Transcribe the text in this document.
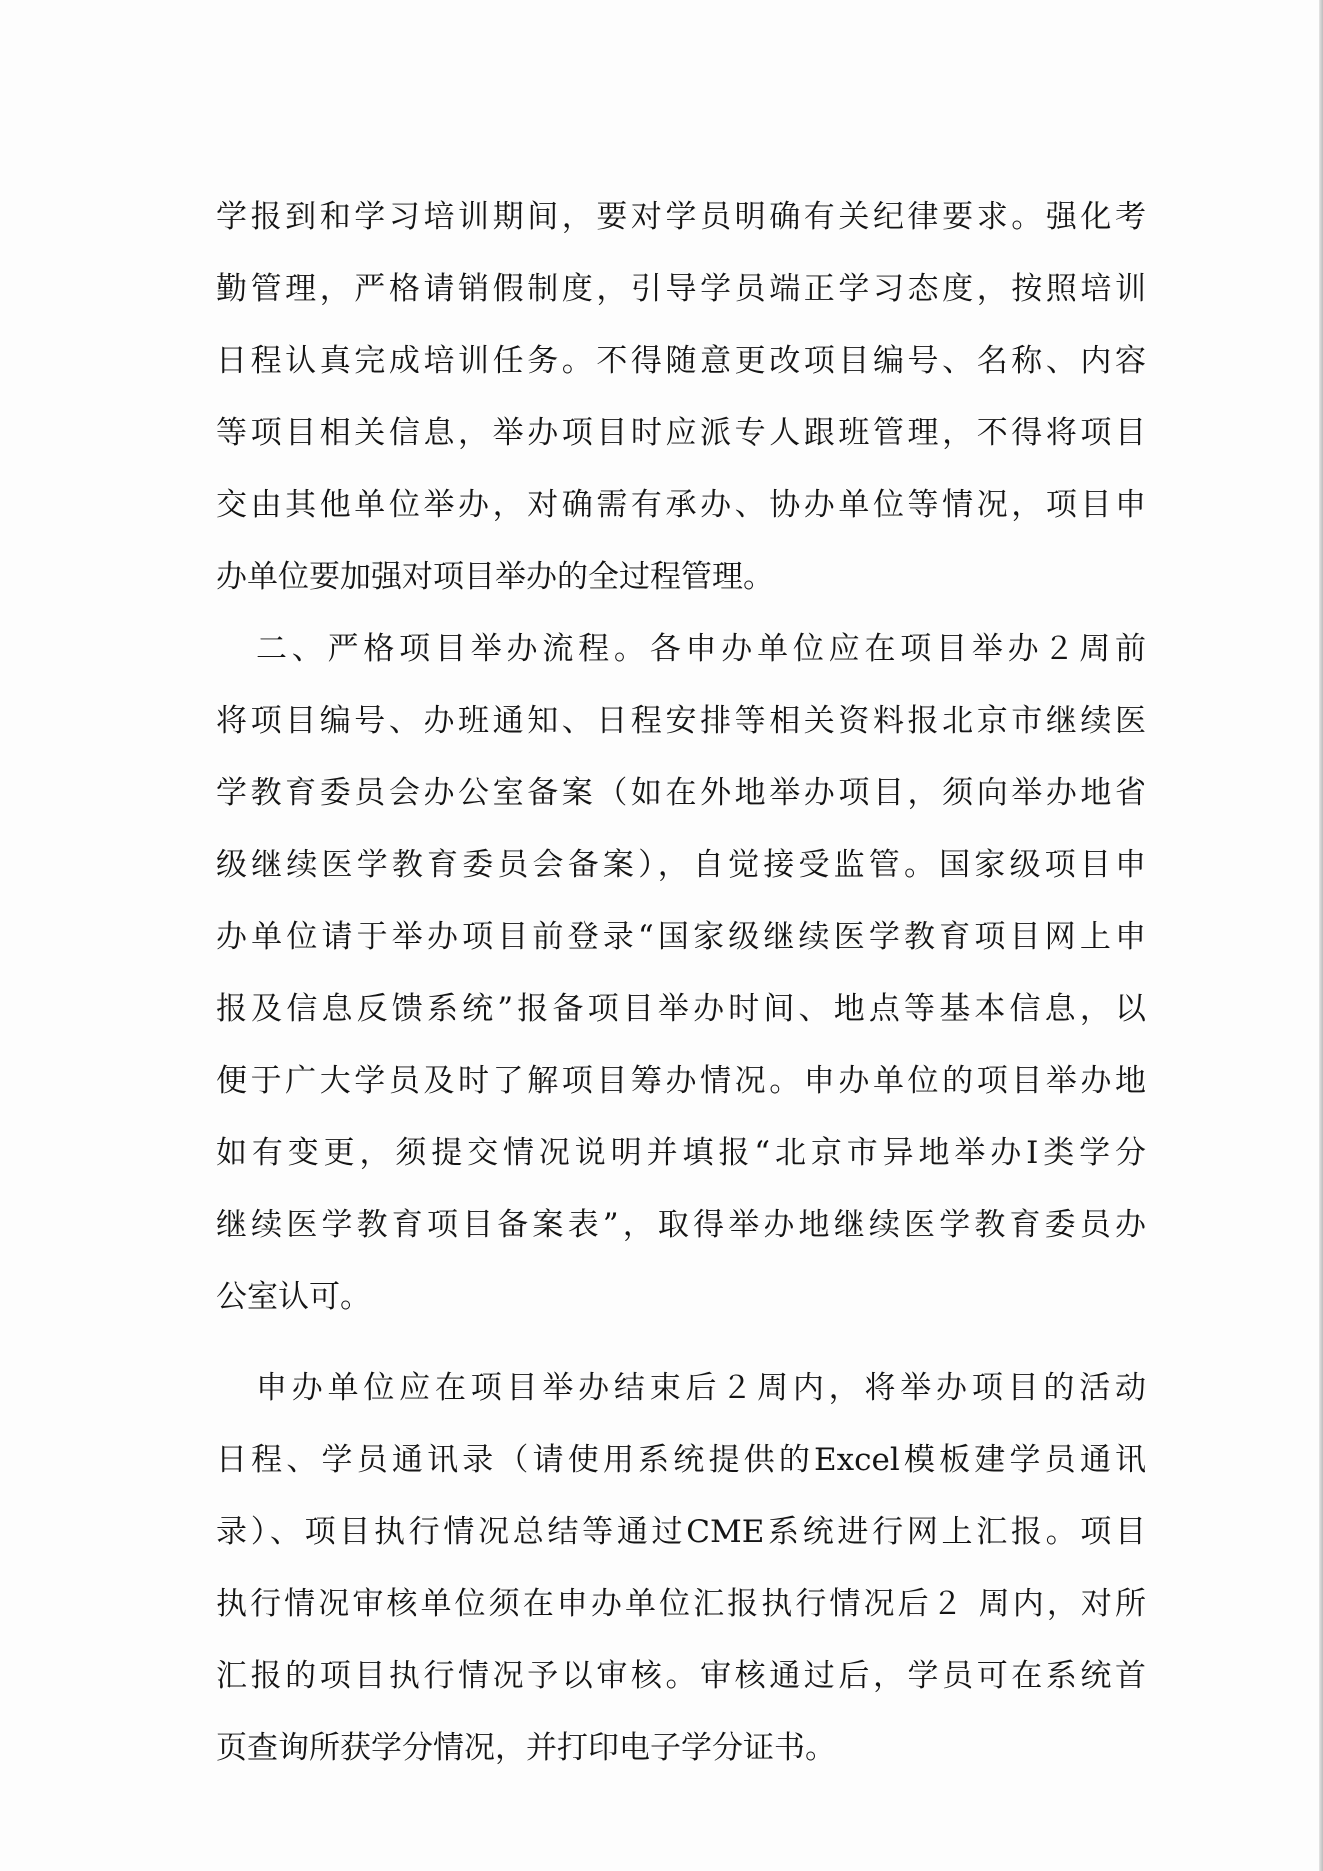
学报到和学习培训期间，要对学员明确有关纪律要求。强化考
勤管理，严格请销假制度，引导学员端正学习态度，按照培训
日程认真完成培训任务。不得随意更改项目编号、名称、内容
等项目相关信息，举办项目时应派专人跟班管理，不得将项目
交由其他单位举办，对确需有承办、协办单位等情况，项目申
办单位要加强对项目举办的全过程管理。
二、严格项目举办流程。各申办单位应在项目举办２周前
将项目编号、办班通知、日程安排等相关资料报北京市继续医
学教育委员会办公室备案（如在外地举办项目，须向举办地省
级继续医学教育委员会备案），自觉接受监管。国家级项目申
办单位请于举办项目前登录“国家级继续医学教育项目网上申
报及信息反馈系统”报备项目举办时间、地点等基本信息，以
便于广大学员及时了解项目筹办情况。申办单位的项目举办地
如有变更，须提交情况说明并填报“北京市异地举办Ⅰ类学分
继续医学教育项目备案表”，取得举办地继续医学教育委员办
公室认可。
申办单位应在项目举办结束后２周内，将举办项目的活动
日程、学员通讯录（请使用系统提供的Excel模板建学员通讯
录）、项目执行情况总结等通过CME系统进行网上汇报。项目
执行情况审核单位须在申办单位汇报执行情况后２ 周内，对所
汇报的项目执行情况予以审核。审核通过后，学员可在系统首
页查询所获学分情况，并打印电子学分证书。
